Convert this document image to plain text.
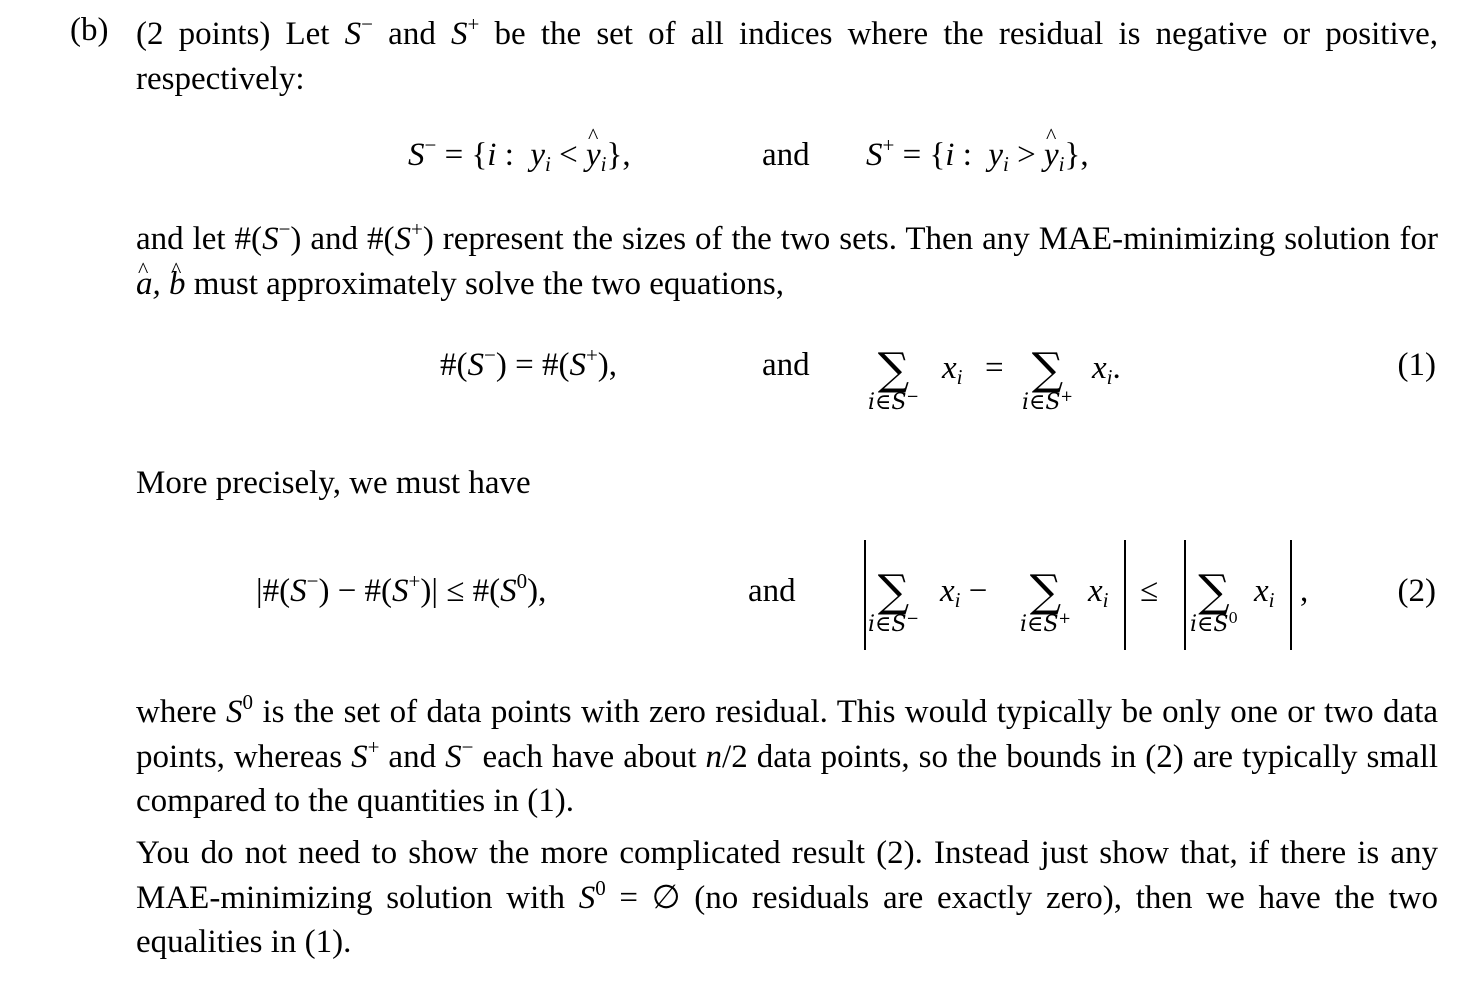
(b) (2 points) Let S− and S+ be the set of all indices where the residual is negative or positive, respectively:
S− = {i :  $y_i$ < ^ $y_i$},	and S+ = {i :  $y_i$ > ^ $y_i$},
and let #(S−) and #(S+) represent the sizes of the two sets. Then any MAE-minimizing solution for ^ a, ^ b must approximately solve the two equations,
#(S−) = #(S+),	and ∑
i∈S−
$x_i$ = ∑
i∈S+
$x_i$.	(1)
More precisely, we must have
|#(S−) − #(S+)| ≤ $\#(S^0)$,	and ∑
i∈S−
$x_i$ − ∑
i∈S+
$x_i$ ≤ ∑
$i\in S^0$
$x_i$ ,	(2)
where $S^0$ is the set of data points with zero residual. This would typically be only one or two data points, whereas S+ and S− each have about n/2 data points, so the bounds in (2) are typically small compared to the quantities in (1).
You do not need to show the more complicated result (2). Instead just show that, if there is any MAE-minimizing solution with $S^0$ = ∅ (no residuals are exactly zero), then we have the two equalities in (1).
